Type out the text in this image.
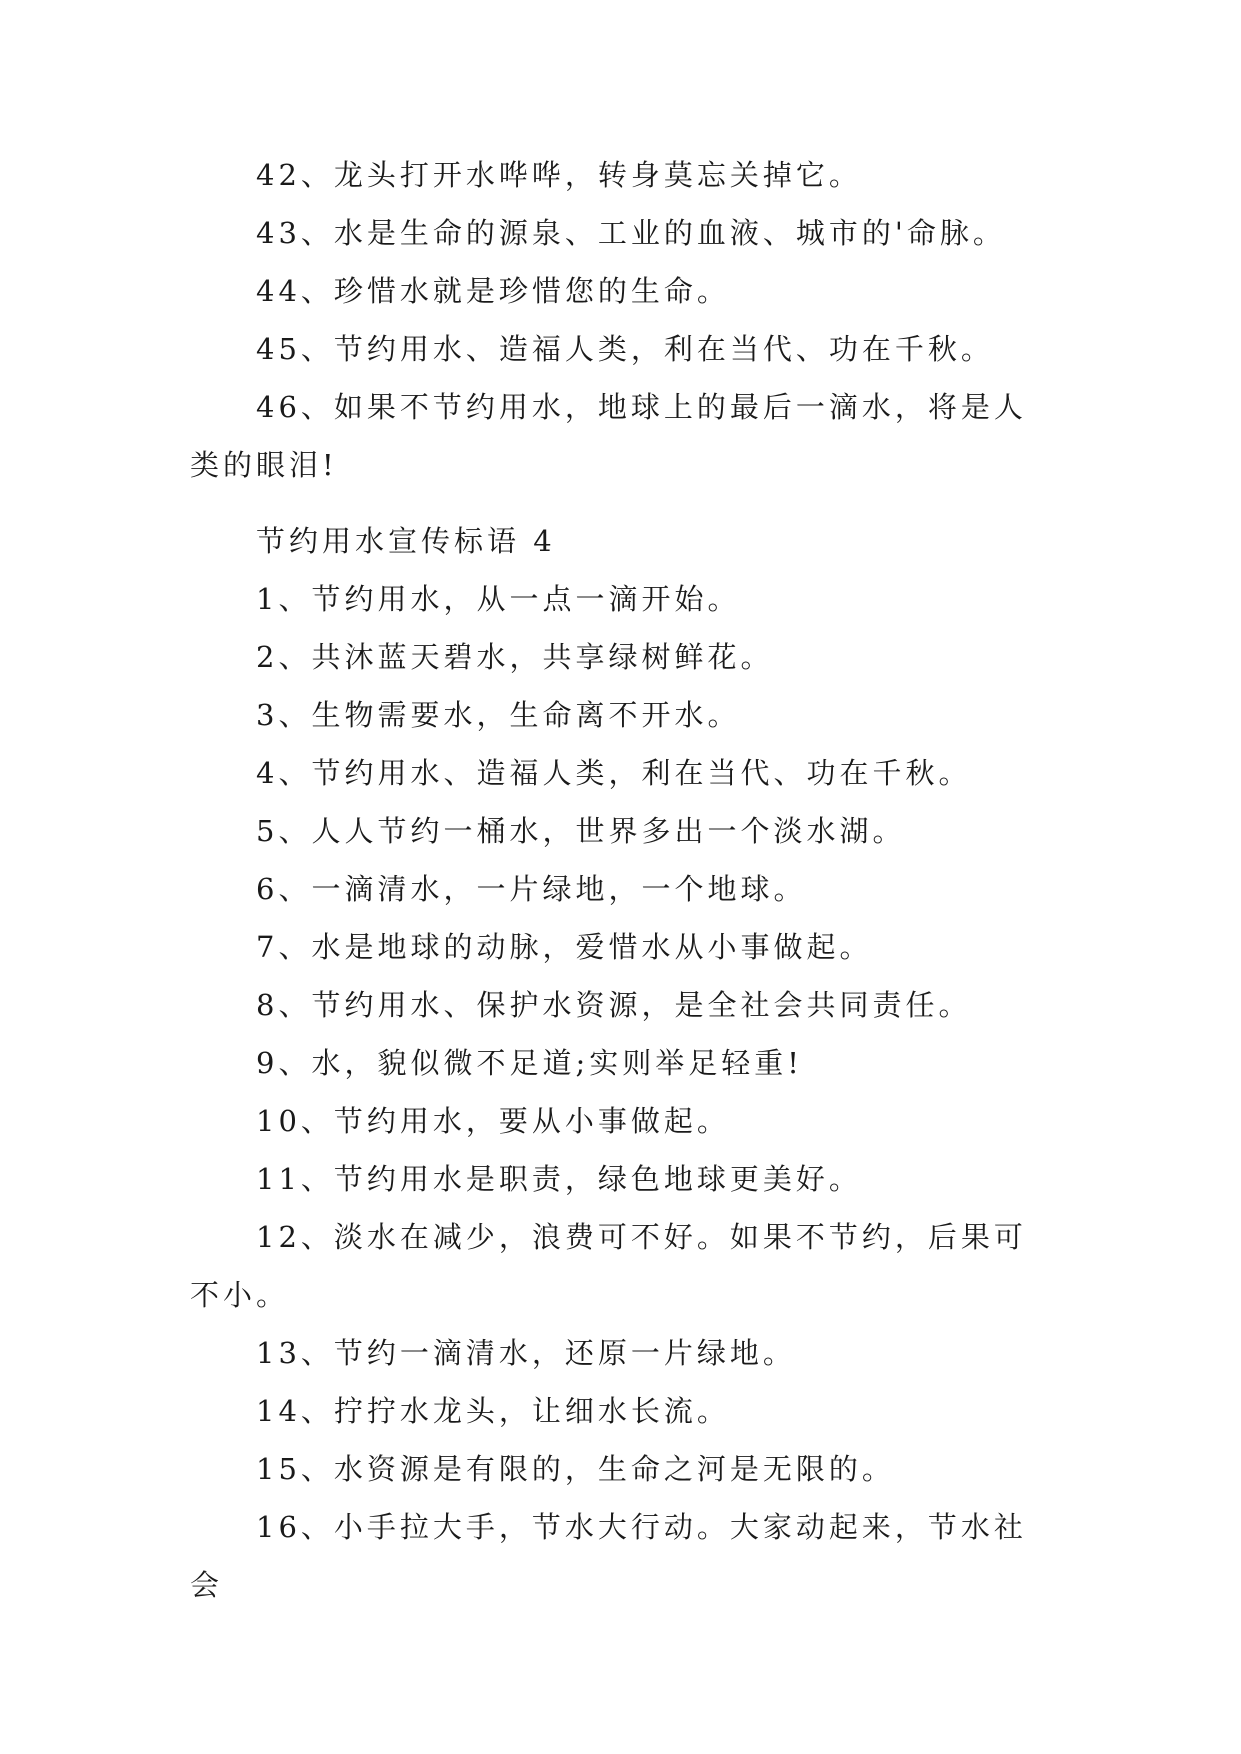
42、龙头打开水哗哗，转身莫忘关掉它。

43、水是生命的源泉、工业的血液、城市的'命脉。

44、珍惜水就是珍惜您的生命。

45、节约用水、造福人类，利在当代、功在千秋。

46、如果不节约用水，地球上的最后一滴水，将是人类的眼泪!

节约用水宣传标语 4

1、节约用水，从一点一滴开始。

2、共沐蓝天碧水，共享绿树鲜花。

3、生物需要水，生命离不开水。

4、节约用水、造福人类，利在当代、功在千秋。

5、人人节约一桶水，世界多出一个淡水湖。

6、一滴清水，一片绿地，一个地球。

7、水是地球的动脉，爱惜水从小事做起。

8、节约用水、保护水资源，是全社会共同责任。

9、水，貌似微不足道;实则举足轻重!

10、节约用水，要从小事做起。

11、节约用水是职责，绿色地球更美好。

12、淡水在减少，浪费可不好。如果不节约，后果可不小。

13、节约一滴清水，还原一片绿地。

14、拧拧水龙头，让细水长流。

15、水资源是有限的，生命之河是无限的。

16、小手拉大手，节水大行动。大家动起来，节水社会
